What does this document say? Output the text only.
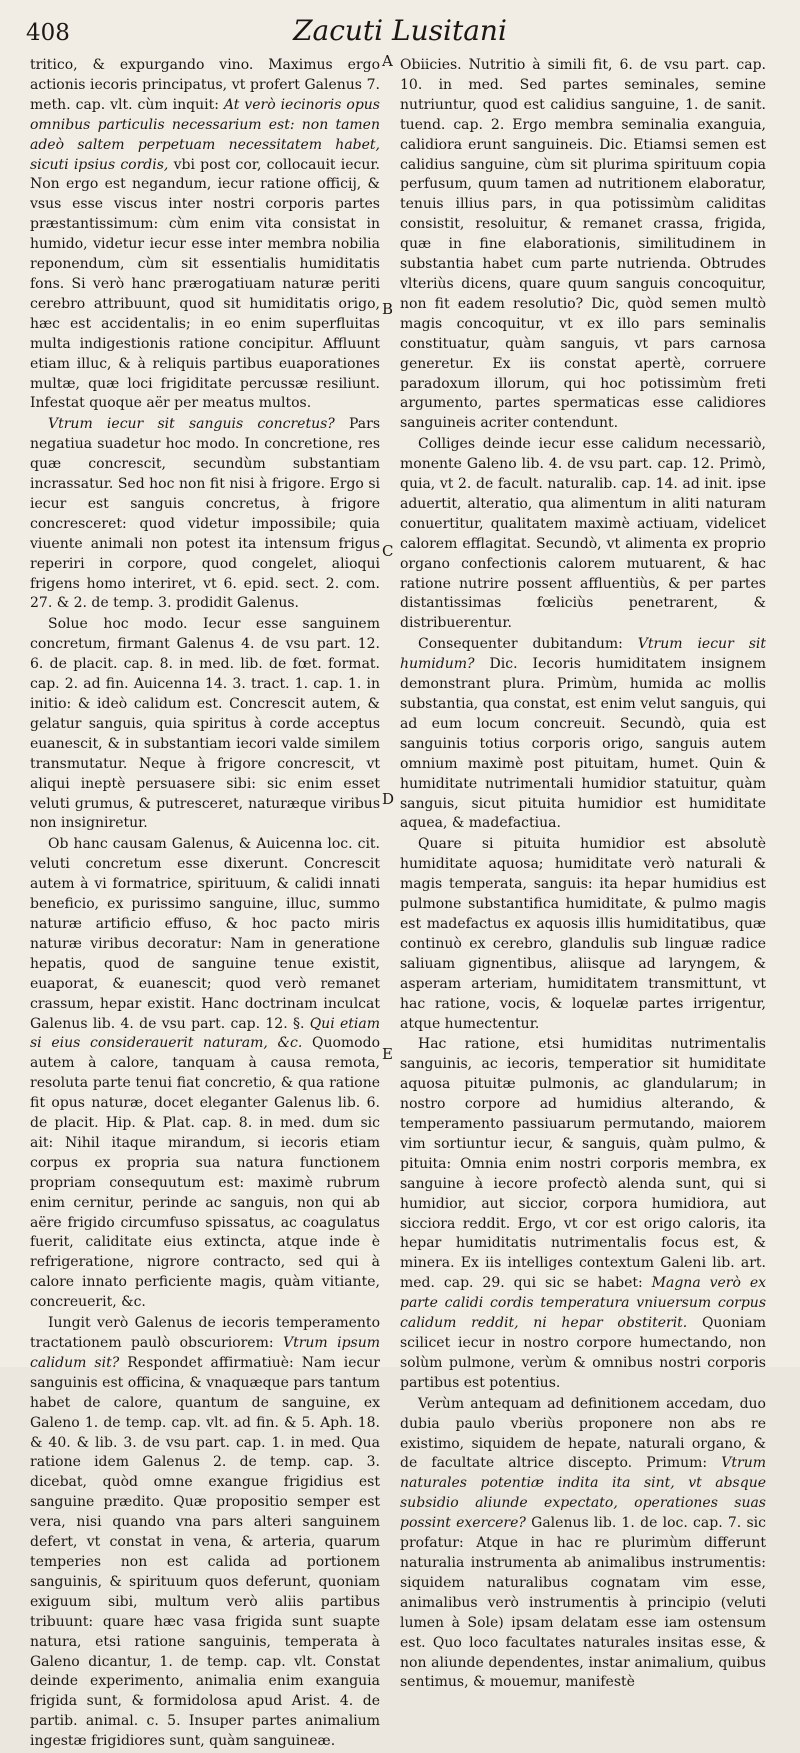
408	Zacuti Lusitani
A
B
C
D
E

tritico, & expurgando vino. Maximus ergo actionis iecoris principatus, vt profert Galenus 7. meth. cap. vlt. cùm inquit: At verò iecinoris opus omnibus particulis necessarium est: non tamen adeò saltem perpetuam necessitatem habet, sicuti ipsius cordis, vbi post cor, collocauit iecur. Non ergo est negandum, iecur ratione officij, & vsus esse viscus inter nostri corporis partes præstantissimum: cùm enim vita consistat in humido, videtur iecur esse inter membra nobilia reponendum, cùm sit essentialis humiditatis fons. Si verò hanc prærogatiuam naturæ periti cerebro attribuunt, quod sit humiditatis origo, hæc est accidentalis; in eo enim superfluitas multa indigestionis ratione concipitur. Affluunt etiam illuc, & à reliquis partibus euaporationes multæ, quæ loci frigiditate percussæ resiliunt. Infestat quoque aër per meatus multos.

Vtrum iecur sit sanguis concretus? Pars negatiua suadetur hoc modo. In concretione, res quæ concrescit, secundùm substantiam incrassatur. Sed hoc non fit nisi à frigore. Ergo si iecur est sanguis concretus, à frigore concresceret: quod videtur impossibile; quia viuente animali non potest ita intensum frigus reperiri in corpore, quod congelet, alioqui frigens homo interiret, vt 6. epid. sect. 2. com. 27. & 2. de temp. 3. prodidit Galenus.

Solue hoc modo. Iecur esse sanguinem concretum, firmant Galenus 4. de vsu part. 12. 6. de placit. cap. 8. in med. lib. de fœt. format. cap. 2. ad fin. Auicenna 14. 3. tract. 1. cap. 1. in initio: & ideò calidum est. Concrescit autem, & gelatur sanguis, quia spiritus à corde acceptus euanescit, & in substantiam iecori valde similem transmutatur. Neque à frigore concrescit, vt aliqui ineptè persuasere sibi: sic enim esset veluti grumus, & putresceret, naturæque viribus non insigniretur.

Ob hanc causam Galenus, & Auicenna loc. cit. veluti concretum esse dixerunt. Concrescit autem à vi formatrice, spirituum, & calidi innati beneficio, ex purissimo sanguine, illuc, summo naturæ artificio effuso, & hoc pacto miris naturæ viribus decoratur: Nam in generatione hepatis, quod de sanguine tenue existit, euaporat, & euanescit; quod verò remanet crassum, hepar existit. Hanc doctrinam inculcat Galenus lib. 4. de vsu part. cap. 12. §. Qui etiam si eius considerauerit naturam, &c. Quomodo autem à calore, tanquam à causa remota, resoluta parte tenui fiat concretio, & qua ratione fit opus naturæ, docet eleganter Galenus lib. 6. de placit. Hip. & Plat. cap. 8. in med. dum sic ait: Nihil itaque mirandum, si iecoris etiam corpus ex propria sua natura functionem propriam consequutum est: maximè rubrum enim cernitur, perinde ac sanguis, non qui ab aëre frigido circumfuso spissatus, ac coagulatus fuerit, caliditate eius extincta, atque inde è refrigeratione, nigrore contracto, sed qui à calore innato perficiente magis, quàm vitiante, concreuerit, &c.

Iungit verò Galenus de iecoris temperamento tractationem paulò obscuriorem: Vtrum ipsum calidum sit? Respondet affirmatiuè: Nam iecur sanguinis est officina, & vnaquæque pars tantum habet de calore, quantum de sanguine, ex Galeno 1. de temp. cap. vlt. ad fin. & 5. Aph. 18. & 40. & lib. 3. de vsu part. cap. 1. in med. Qua ratione idem Galenus 2. de temp. cap. 3. dicebat, quòd omne exangue frigidius est sanguine prædito. Quæ propositio semper est vera, nisi quando vna pars alteri sanguinem defert, vt constat in vena, & arteria, quarum temperies non est calida ad portionem sanguinis, & spirituum quos deferunt, quoniam exiguum sibi, multum verò aliis partibus tribuunt: quare hæc vasa frigida sunt suapte natura, etsi ratione sanguinis, temperata à Galeno dicantur, 1. de temp. cap. vlt. Constat deinde experimento, animalia enim exanguia frigida sunt, & formidolosa apud Arist. 4. de partib. animal. c. 5. Insuper partes animalium ingestæ frigidiores sunt, quàm sanguineæ.

Obiicies. Nutritio à simili fit, 6. de vsu part. cap. 10. in med. Sed partes seminales, semine nutriuntur, quod est calidius sanguine, 1. de sanit. tuend. cap. 2. Ergo membra seminalia exanguia, calidiora erunt sanguineis. Dic. Etiamsi semen est calidius sanguine, cùm sit plurima spirituum copia perfusum, quum tamen ad nutritionem elaboratur, tenuis illius pars, in qua potissimùm caliditas consistit, resoluitur, & remanet crassa, frigida, quæ in fine elaborationis, similitudinem in substantia habet cum parte nutrienda. Obtrudes vlteriùs dicens, quare quum sanguis concoquitur, non fit eadem resolutio? Dic, quòd semen multò magis concoquitur, vt ex illo pars seminalis constituatur, quàm sanguis, vt pars carnosa generetur. Ex iis constat apertè, corruere paradoxum illorum, qui hoc potissimùm freti argumento, partes spermaticas esse calidiores sanguineis acriter contendunt.

Colliges deinde iecur esse calidum necessariò, monente Galeno lib. 4. de vsu part. cap. 12. Primò, quia, vt 2. de facult. naturalib. cap. 14. ad init. ipse aduertit, alteratio, qua alimentum in aliti naturam conuertitur, qualitatem maximè actiuam, videlicet calorem efflagitat. Secundò, vt alimenta ex proprio organo confectionis calorem mutuarent, & hac ratione nutrire possent affluentiùs, & per partes distantissimas fœliciùs penetrarent, & distribuerentur.

Consequenter dubitandum: Vtrum iecur sit humidum? Dic. Iecoris humiditatem insignem demonstrant plura. Primùm, humida ac mollis substantia, qua constat, est enim velut sanguis, qui ad eum locum concreuit. Secundò, quia est sanguinis totius corporis origo, sanguis autem omnium maximè post pituitam, humet. Quin & humiditate nutrimentali humidior statuitur, quàm sanguis, sicut pituita humidior est humiditate aquea, & madefactiua.

Quare si pituita humidior est absolutè humiditate aquosa; humiditate verò naturali & magis temperata, sanguis: ita hepar humidius est pulmone substantifica humiditate, & pulmo magis est madefactus ex aquosis illis humiditatibus, quæ continuò ex cerebro, glandulis sub linguæ radice saliuam gignentibus, aliisque ad laryngem, & asperam arteriam, humiditatem transmittunt, vt hac ratione, vocis, & loquelæ partes irrigentur, atque humectentur.

Hac ratione, etsi humiditas nutrimentalis sanguinis, ac iecoris, temperatior sit humiditate aquosa pituitæ pulmonis, ac glandularum; in nostro corpore ad humidius alterando, & temperamento passiuarum permutando, maiorem vim sortiuntur iecur, & sanguis, quàm pulmo, & pituita: Omnia enim nostri corporis membra, ex sanguine à iecore profectò alenda sunt, qui si humidior, aut siccior, corpora humidiora, aut sicciora reddit. Ergo, vt cor est origo caloris, ita hepar humiditatis nutrimentalis focus est, & minera. Ex iis intelliges contextum Galeni lib. art. med. cap. 29. qui sic se habet: Magna verò ex parte calidi cordis temperatura vniuersum corpus calidum reddit, ni hepar obstiterit. Quoniam scilicet iecur in nostro corpore humectando, non solùm pulmone, verùm & omnibus nostri corporis partibus est potentius.

Verùm antequam ad definitionem accedam, duo dubia paulo vberiùs proponere non abs re existimo, siquidem de hepate, naturali organo, & de facultate altrice discepto. Primum: Vtrum naturales potentiæ indita ita sint, vt absque subsidio aliunde expectato, operationes suas possint exercere? Galenus lib. 1. de loc. cap. 7. sic profatur: Atque in hac re plurimùm differunt naturalia instrumenta ab animalibus instrumentis: siquidem naturalibus cognatam vim esse, animalibus verò instrumentis à principio (veluti lumen à Sole) ipsam delatam esse iam ostensum est. Quo loco facultates naturales insitas esse, & non aliunde dependentes, instar animalium, quibus sentimus, & mouemur, manifestè
